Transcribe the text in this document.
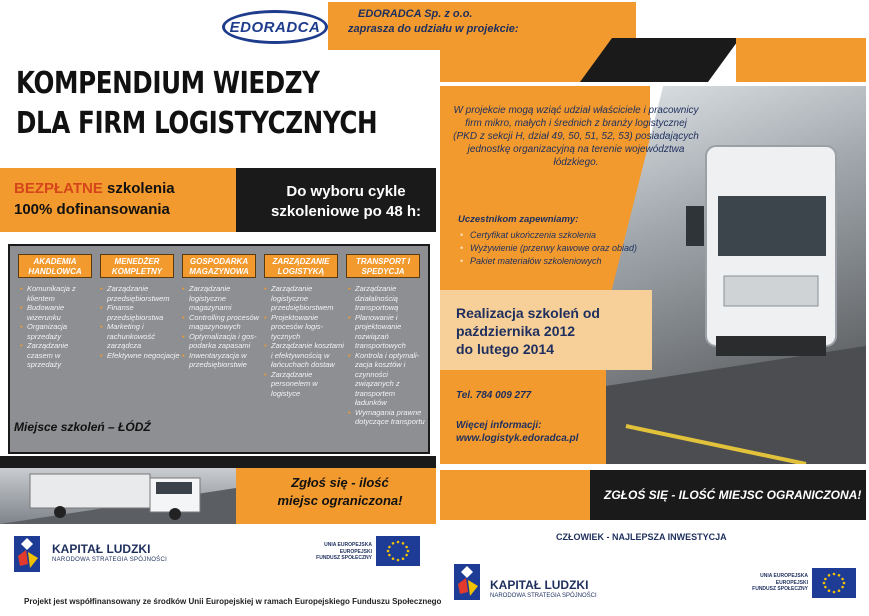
EDORADCA
EDORADCA Sp. z o.o.
zaprasza do udziału w projekcie:
KOMPENDIUM WIEDZY
DLA FIRM LOGISTYCZNYCH
BEZPŁATNE szkolenia
100% dofinansowania
Do wyboru cykle
szkoleniowe po 48 h:
AKADEMIA HANDLOWCA
• Komunikacja z klientem
• Budowanie wizerunku
• Organizacja sprzedaży
• Zarządzanie czasem w sprzedaży
MENEDŻER KOMPLETNY
• Zarządzanie przedsiębiorstwem
• Finanse przedsiębiorstwa
• Marketing i rachunkowość zarządcza
• Efektywne negocjacje
GOSPODARKA MAGAZYNOWA
• Zarządzanie logistyczne magazynami
• Controlling procesów magazynowych
• Optymalizacja i gos-podarka zapasami
• Inwentaryzacja w przedsiębiorstwie
ZARZĄDZANIE LOGISTYKĄ
• Zarządzanie logistyczne przedsiębiorstwem
• Projektowanie procesów logis-tycznych
• Zarządzanie kosztami i efektywnością w łańcuchach dostaw
• Zarządzanie personelem w logistyce
TRANSPORT I SPEDYCJA
• Zarządzanie działalnością transportową
• Planowanie i projektowanie rozwiązań transportowych
• Kontrola i optymali-zacja kosztów i czynności związanych z transportem ładunków
• Wymagania prawne dotyczące transportu
Miejsce szkoleń – ŁÓDŹ
Zgłoś się - ilość
miejsc ograniczona!
KAPITAŁ LUDZKI
NARODOWA STRATEGIA SPÓJNOŚCI
UNIA EUROPEJSKA
EUROPEJSKI
FUNDUSZ SPOŁECZNY
Projekt jest współfinansowany ze środków Unii Europejskiej w ramach Europejskiego Funduszu Społecznego
W projekcie mogą wziąć udział właściciele i pracownicy firm mikro, małych i średnich z branży logistycznej (PKD z sekcji H, dział 49, 50, 51, 52, 53) posiadających jednostkę organizacyjną na terenie województwa łódzkiego.
Uczestnikom zapewniamy:
• Certyfikat ukończenia szkolenia
• Wyżywienie (przerwy kawowe oraz obiad)
• Pakiet materiałów szkoleniowych
Realizacja szkoleń od
października 2012
do lutego 2014
Tel. 784 009 277
Więcej informacji:
www.logistyk.edoradca.pl
ZGŁOŚ SIĘ - ILOŚĆ MIEJSC OGRANICZONA!
CZŁOWIEK - NAJLEPSZA INWESTYCJA
KAPITAŁ LUDZKI
NARODOWA STRATEGIA SPÓJNOŚCI
UNIA EUROPEJSKA
EUROPEJSKI
FUNDUSZ SPOŁECZNY
